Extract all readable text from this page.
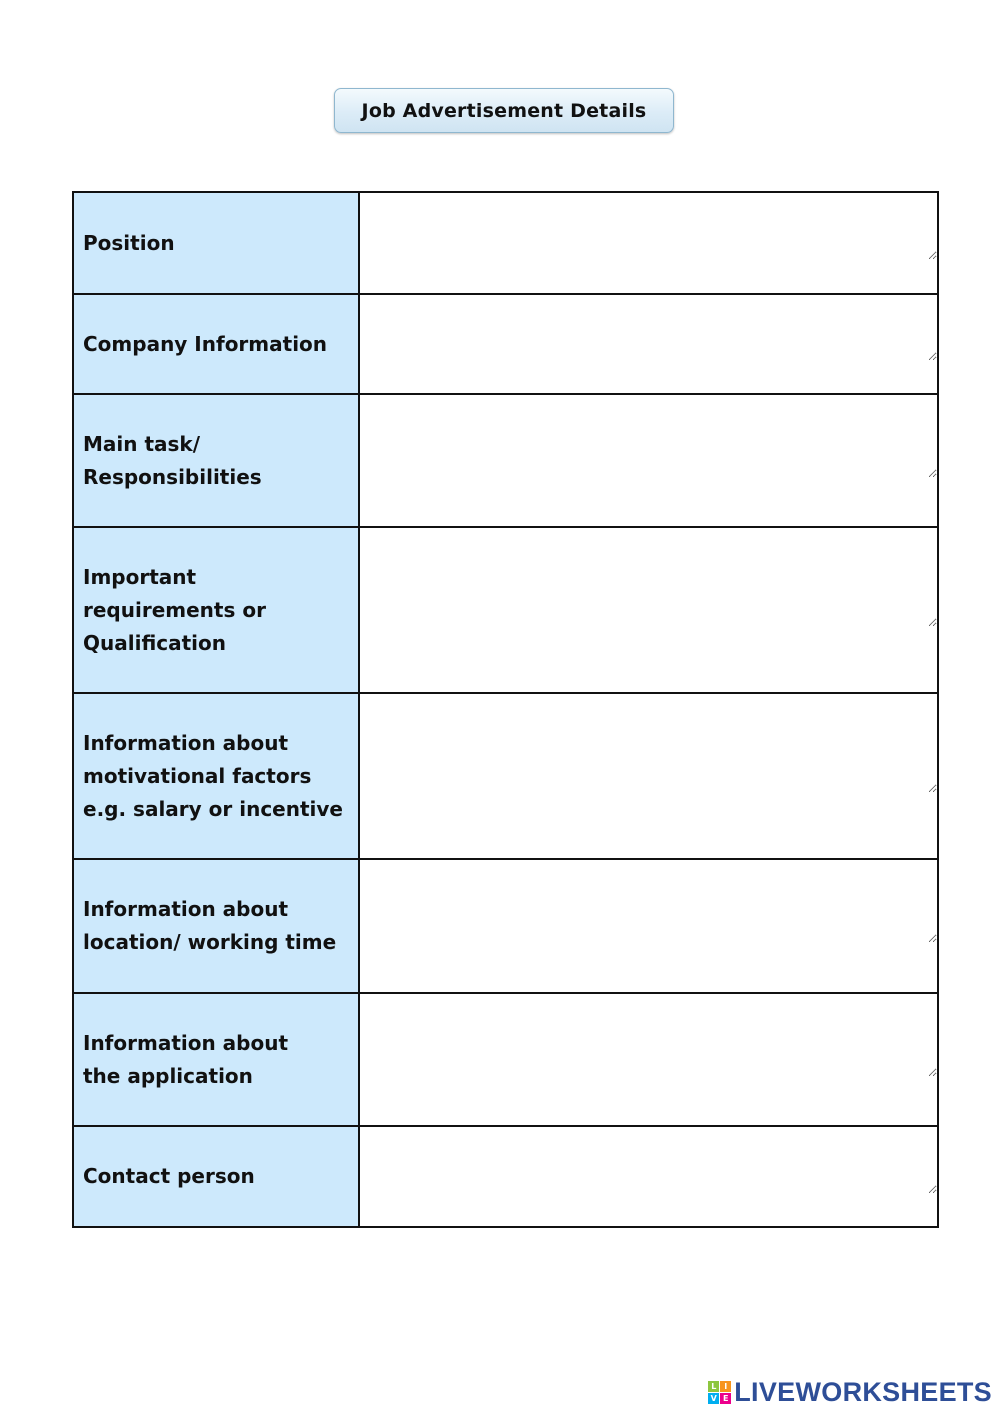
Job Advertisement Details
Position

Company Information

Main task/
Responsibilities

Important
requirements or
Qualification

Information about
motivational factors
e.g. salary or incentive

Information about
location/ working time

Information about
the application

Contact person

L I
V E LIVEWORKSHEETS
